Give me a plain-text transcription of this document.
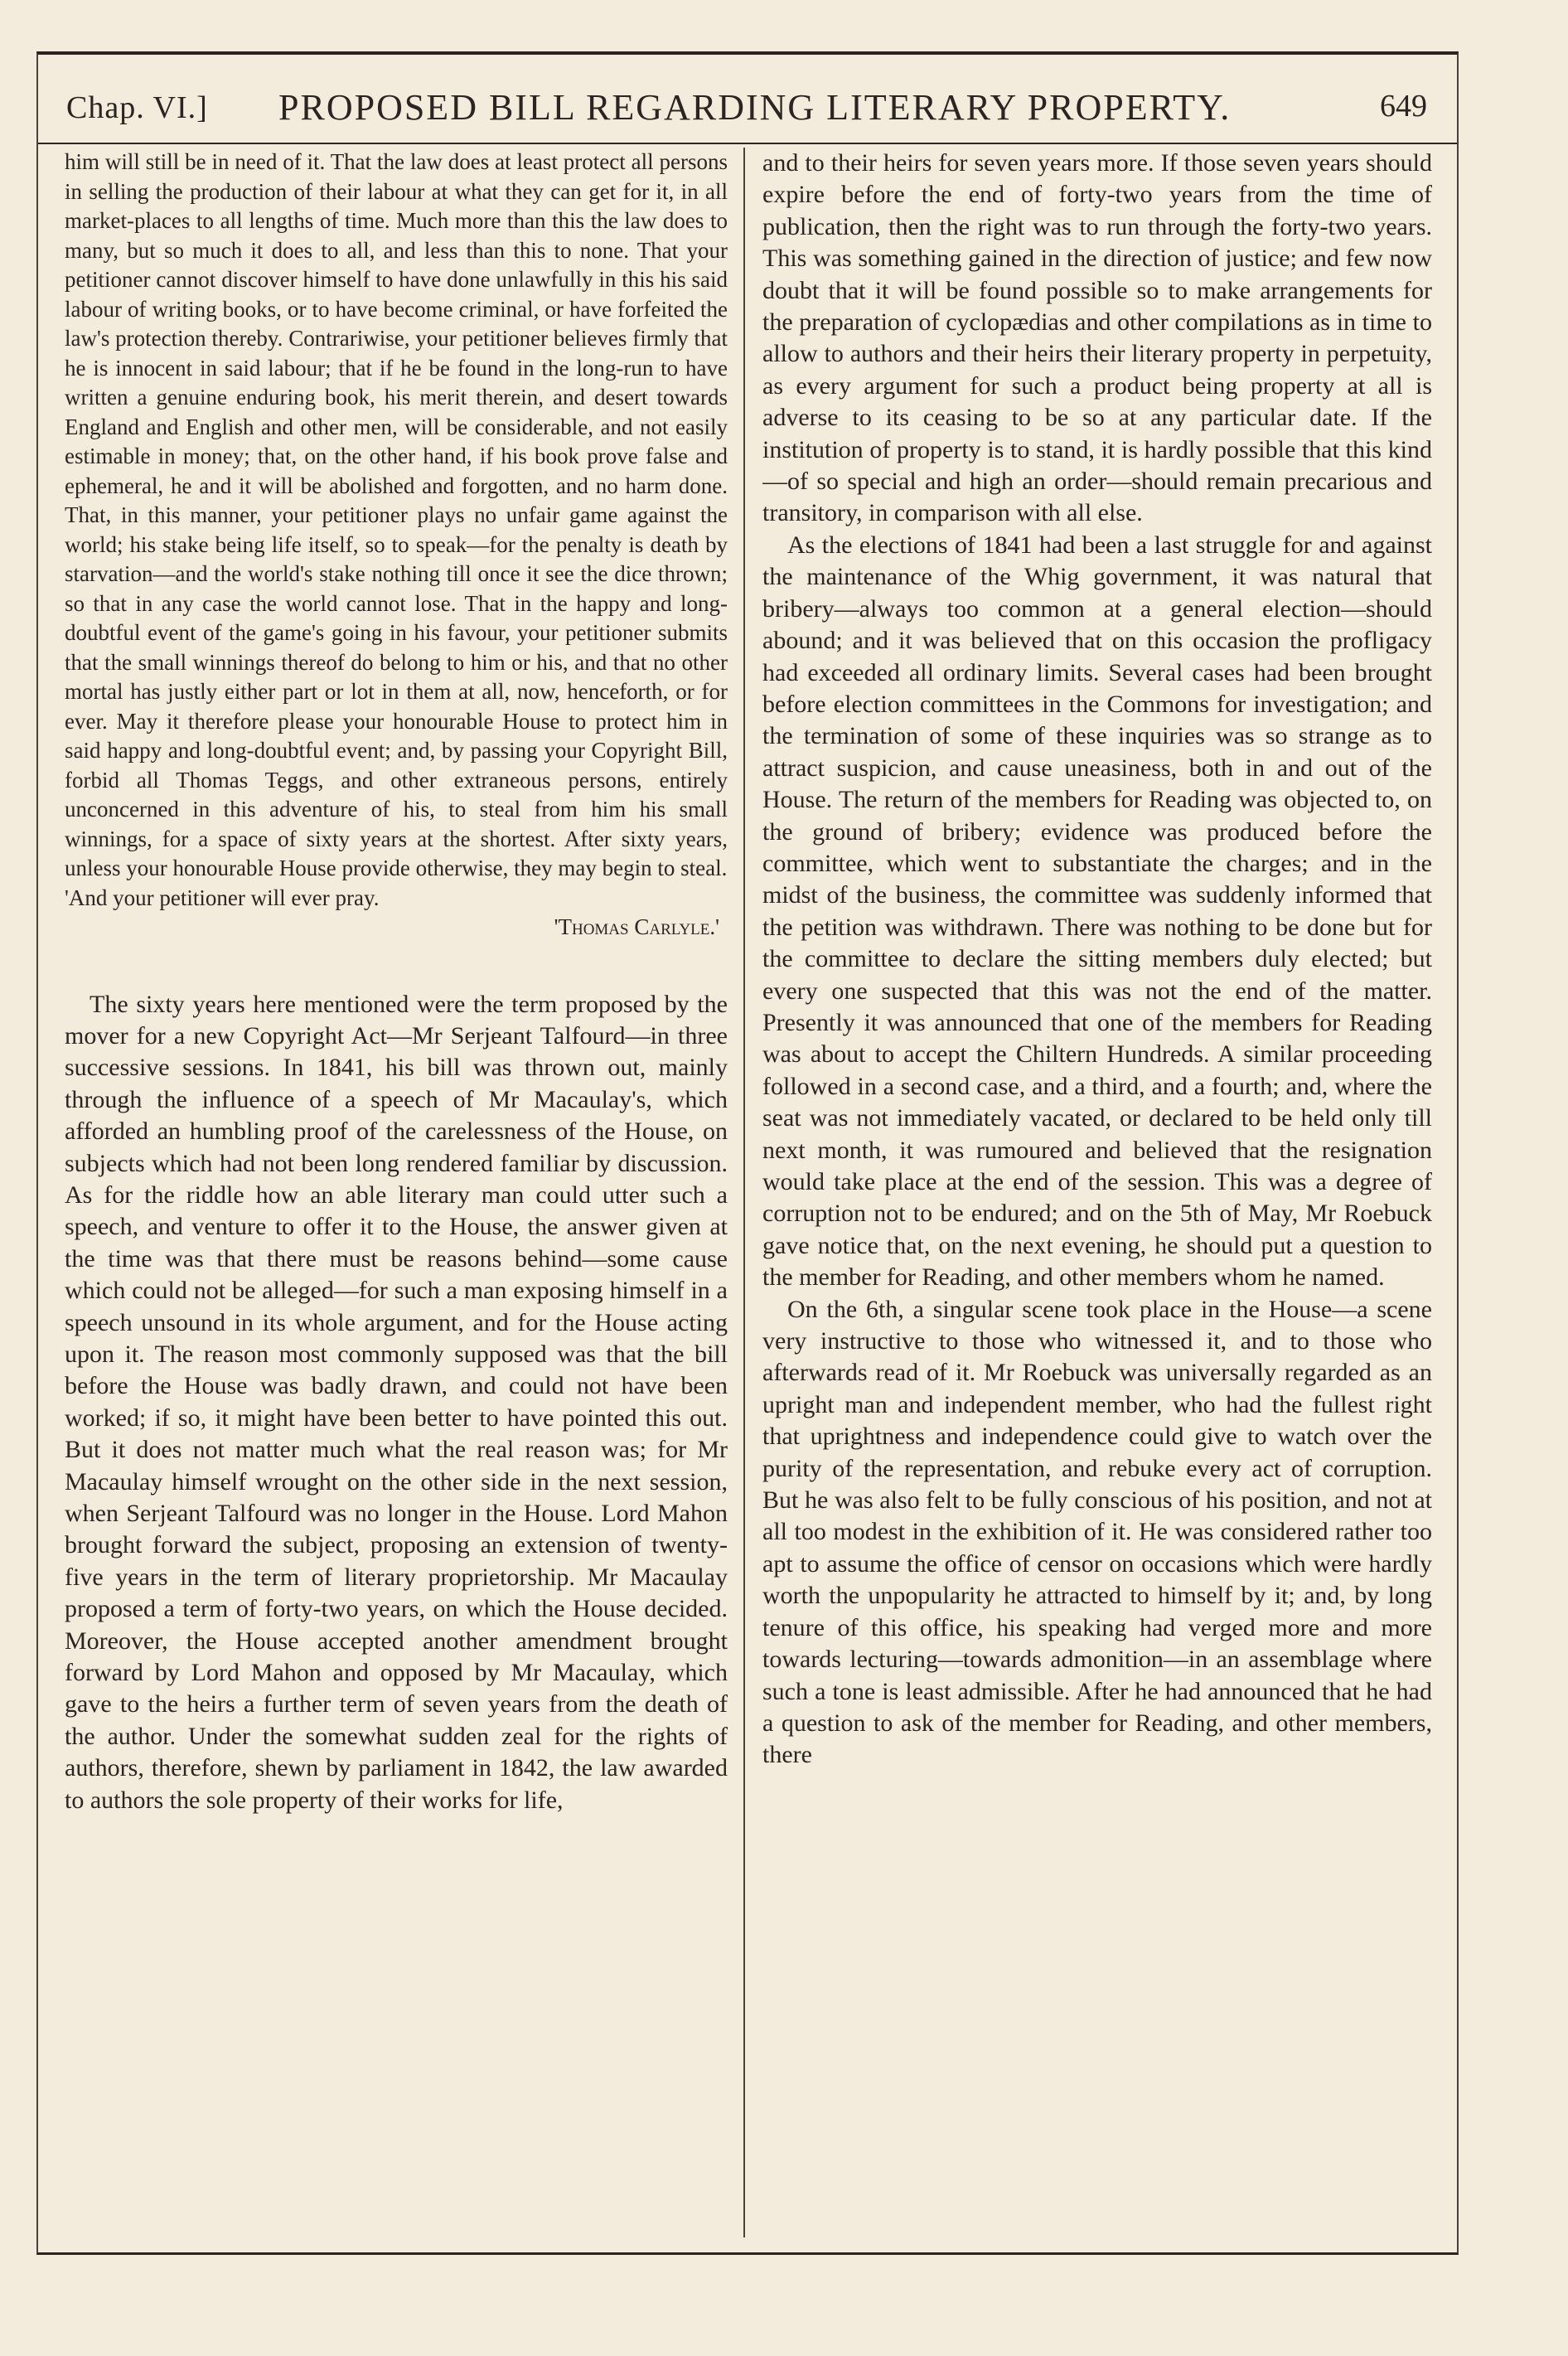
Chap. VI.] PROPOSED BILL REGARDING LITERARY PROPERTY.	649

him will still be in need of it. That the law does at least protect all persons in selling the production of their labour at what they can get for it, in all market-places to all lengths of time. Much more than this the law does to many, but so much it does to all, and less than this to none. That your petitioner cannot discover himself to have done unlawfully in this his said labour of writing books, or to have become criminal, or have forfeited the law's protection thereby. Contrariwise, your petitioner believes firmly that he is innocent in said labour; that if he be found in the long-run to have written a genuine enduring book, his merit therein, and desert towards England and English and other men, will be considerable, and not easily estimable in money; that, on the other hand, if his book prove false and ephemeral, he and it will be abolished and forgotten, and no harm done. That, in this manner, your petitioner plays no unfair game against the world; his stake being life itself, so to speak—for the penalty is death by starvation—and the world's stake nothing till once it see the dice thrown; so that in any case the world cannot lose. That in the happy and long-doubtful event of the game's going in his favour, your petitioner submits that the small winnings thereof do belong to him or his, and that no other mortal has justly either part or lot in them at all, now, henceforth, or for ever. May it therefore please your honourable House to protect him in said happy and long-doubtful event; and, by passing your Copyright Bill, forbid all Thomas Teggs, and other extraneous persons, entirely unconcerned in this adventure of his, to steal from him his small winnings, for a space of sixty years at the shortest. After sixty years, unless your honourable House provide otherwise, they may begin to steal.

'And your petitioner will ever pray.

'Thomas Carlyle.'

The sixty years here mentioned were the term proposed by the mover for a new Copyright Act—Mr Serjeant Talfourd—in three successive sessions. In 1841, his bill was thrown out, mainly through the influence of a speech of Mr Macaulay's, which afforded an humbling proof of the carelessness of the House, on subjects which had not been long rendered familiar by discussion. As for the riddle how an able literary man could utter such a speech, and venture to offer it to the House, the answer given at the time was that there must be reasons behind—some cause which could not be alleged—for such a man exposing himself in a speech unsound in its whole argument, and for the House acting upon it. The reason most commonly supposed was that the bill before the House was badly drawn, and could not have been worked; if so, it might have been better to have pointed this out. But it does not matter much what the real reason was; for Mr Macaulay himself wrought on the other side in the next session, when Serjeant Talfourd was no longer in the House. Lord Mahon brought forward the subject, proposing an extension of twenty-five years in the term of literary proprietorship. Mr Macaulay proposed a term of forty-two years, on which the House decided. Moreover, the House accepted another amendment brought forward by Lord Mahon and opposed by Mr Macaulay, which gave to the heirs a further term of seven years from the death of the author. Under the somewhat sudden zeal for the rights of authors, therefore, shewn by parliament in 1842, the law awarded to authors the sole property of their works for life,

and to their heirs for seven years more. If those seven years should expire before the end of forty-two years from the time of publication, then the right was to run through the forty-two years. This was something gained in the direction of justice; and few now doubt that it will be found possible so to make arrangements for the preparation of cyclopædias and other compilations as in time to allow to authors and their heirs their literary property in perpetuity, as every argument for such a product being property at all is adverse to its ceasing to be so at any particular date. If the institution of property is to stand, it is hardly possible that this kind—of so special and high an order—should remain precarious and transitory, in comparison with all else.

As the elections of 1841 had been a last struggle for and against the maintenance of the Whig government, it was natural that bribery—always too common at a general election—should abound; and it was believed that on this occasion the profligacy had exceeded all ordinary limits. Several cases had been brought before election committees in the Commons for investigation; and the termination of some of these inquiries was so strange as to attract suspicion, and cause uneasiness, both in and out of the House. The return of the members for Reading was objected to, on the ground of bribery; evidence was produced before the committee, which went to substantiate the charges; and in the midst of the business, the committee was suddenly informed that the petition was withdrawn. There was nothing to be done but for the committee to declare the sitting members duly elected; but every one suspected that this was not the end of the matter. Presently it was announced that one of the members for Reading was about to accept the Chiltern Hundreds. A similar proceeding followed in a second case, and a third, and a fourth; and, where the seat was not immediately vacated, or declared to be held only till next month, it was rumoured and believed that the resignation would take place at the end of the session. This was a degree of corruption not to be endured; and on the 5th of May, Mr Roebuck gave notice that, on the next evening, he should put a question to the member for Reading, and other members whom he named.

On the 6th, a singular scene took place in the House—a scene very instructive to those who witnessed it, and to those who afterwards read of it. Mr Roebuck was universally regarded as an upright man and independent member, who had the fullest right that uprightness and independence could give to watch over the purity of the representation, and rebuke every act of corruption. But he was also felt to be fully conscious of his position, and not at all too modest in the exhibition of it. He was considered rather too apt to assume the office of censor on occasions which were hardly worth the unpopularity he attracted to himself by it; and, by long tenure of this office, his speaking had verged more and more towards lecturing—towards admonition—in an assemblage where such a tone is least admissible. After he had announced that he had a question to ask of the member for Reading, and other members, there
